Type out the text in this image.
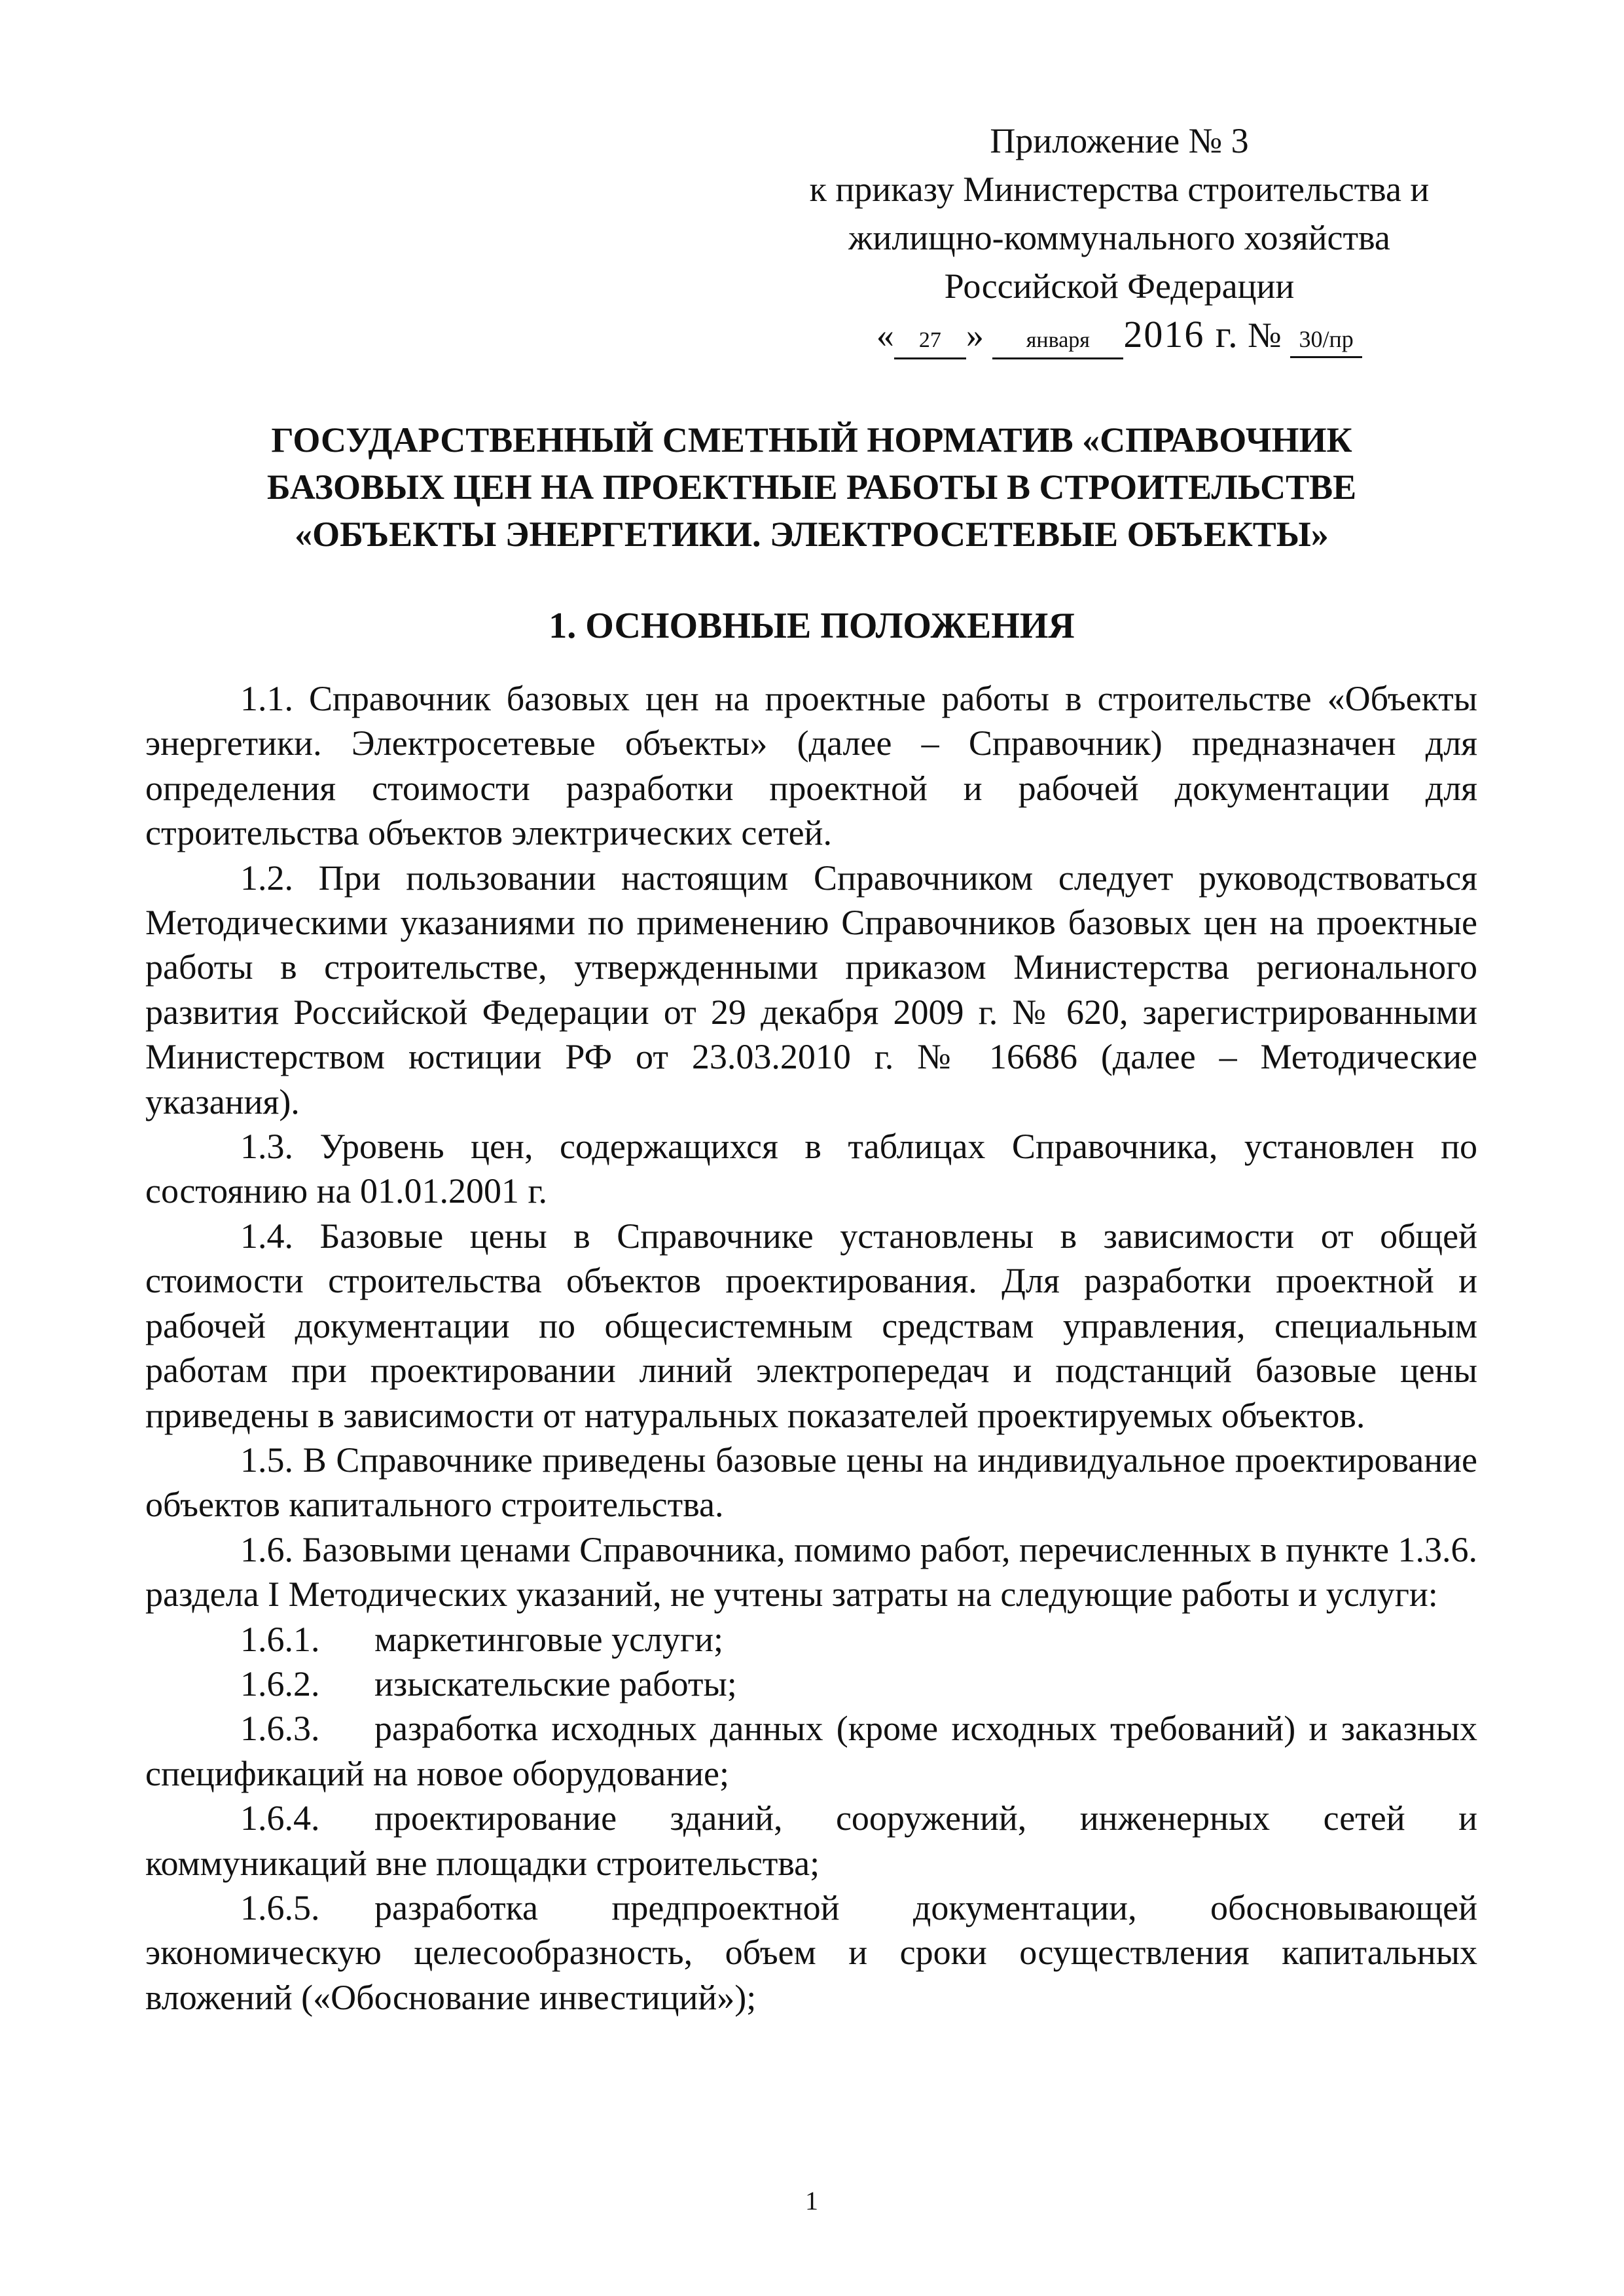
Приложение № 3
к приказу Министерства строительства и
жилищно-коммунального хозяйства
Российской Федерации
« 27 » января 2016 г. № 30/пр
ГОСУДАРСТВЕННЫЙ СМЕТНЫЙ НОРМАТИВ «СПРАВОЧНИК
БАЗОВЫХ ЦЕН НА ПРОЕКТНЫЕ РАБОТЫ В СТРОИТЕЛЬСТВЕ
«ОБЪЕКТЫ ЭНЕРГЕТИКИ. ЭЛЕКТРОСЕТЕВЫЕ ОБЪЕКТЫ»
1. ОСНОВНЫЕ ПОЛОЖЕНИЯ

1.1. Справочник базовых цен на проектные работы в строительстве «Объекты энергетики. Электросетевые объекты» (далее – Справочник) предназначен для определения стоимости разработки проектной и рабочей документации для строительства объектов электрических сетей.

1.2. При пользовании настоящим Справочником следует руководствоваться Методическими указаниями по применению Справочников базовых цен на проектные работы в строительстве, утвержденными приказом Министерства регионального развития Российской Федерации от 29 декабря 2009 г. № 620, зарегистрированными Министерством юстиции РФ от 23.03.2010 г. № 16686 (далее – Методические указания).

1.3. Уровень цен, содержащихся в таблицах Справочника, установлен по состоянию на 01.01.2001 г.

1.4. Базовые цены в Справочнике установлены в зависимости от общей стоимости строительства объектов проектирования. Для разработки проектной и рабочей документации по общесистемным средствам управления, специальным работам при проектировании линий электропередач и подстанций базовые цены приведены в зависимости от натуральных показателей проектируемых объектов.

1.5. В Справочнике приведены базовые цены на индивидуальное проектирование объектов капитального строительства.

1.6. Базовыми ценами Справочника, помимо работ, перечисленных в пункте 1.3.6. раздела I Методических указаний, не учтены затраты на следующие работы и услуги:

1.6.1. маркетинговые услуги;

1.6.2. изыскательские работы;

1.6.3. разработка исходных данных (кроме исходных требований) и заказных спецификаций на новое оборудование;

1.6.4. проектирование зданий, сооружений, инженерных сетей и коммуникаций вне площадки строительства;

1.6.5. разработка предпроектной документации, обосновывающей экономическую целесообразность, объем и сроки осуществления капитальных вложений («Обоснование инвестиций»);

1
